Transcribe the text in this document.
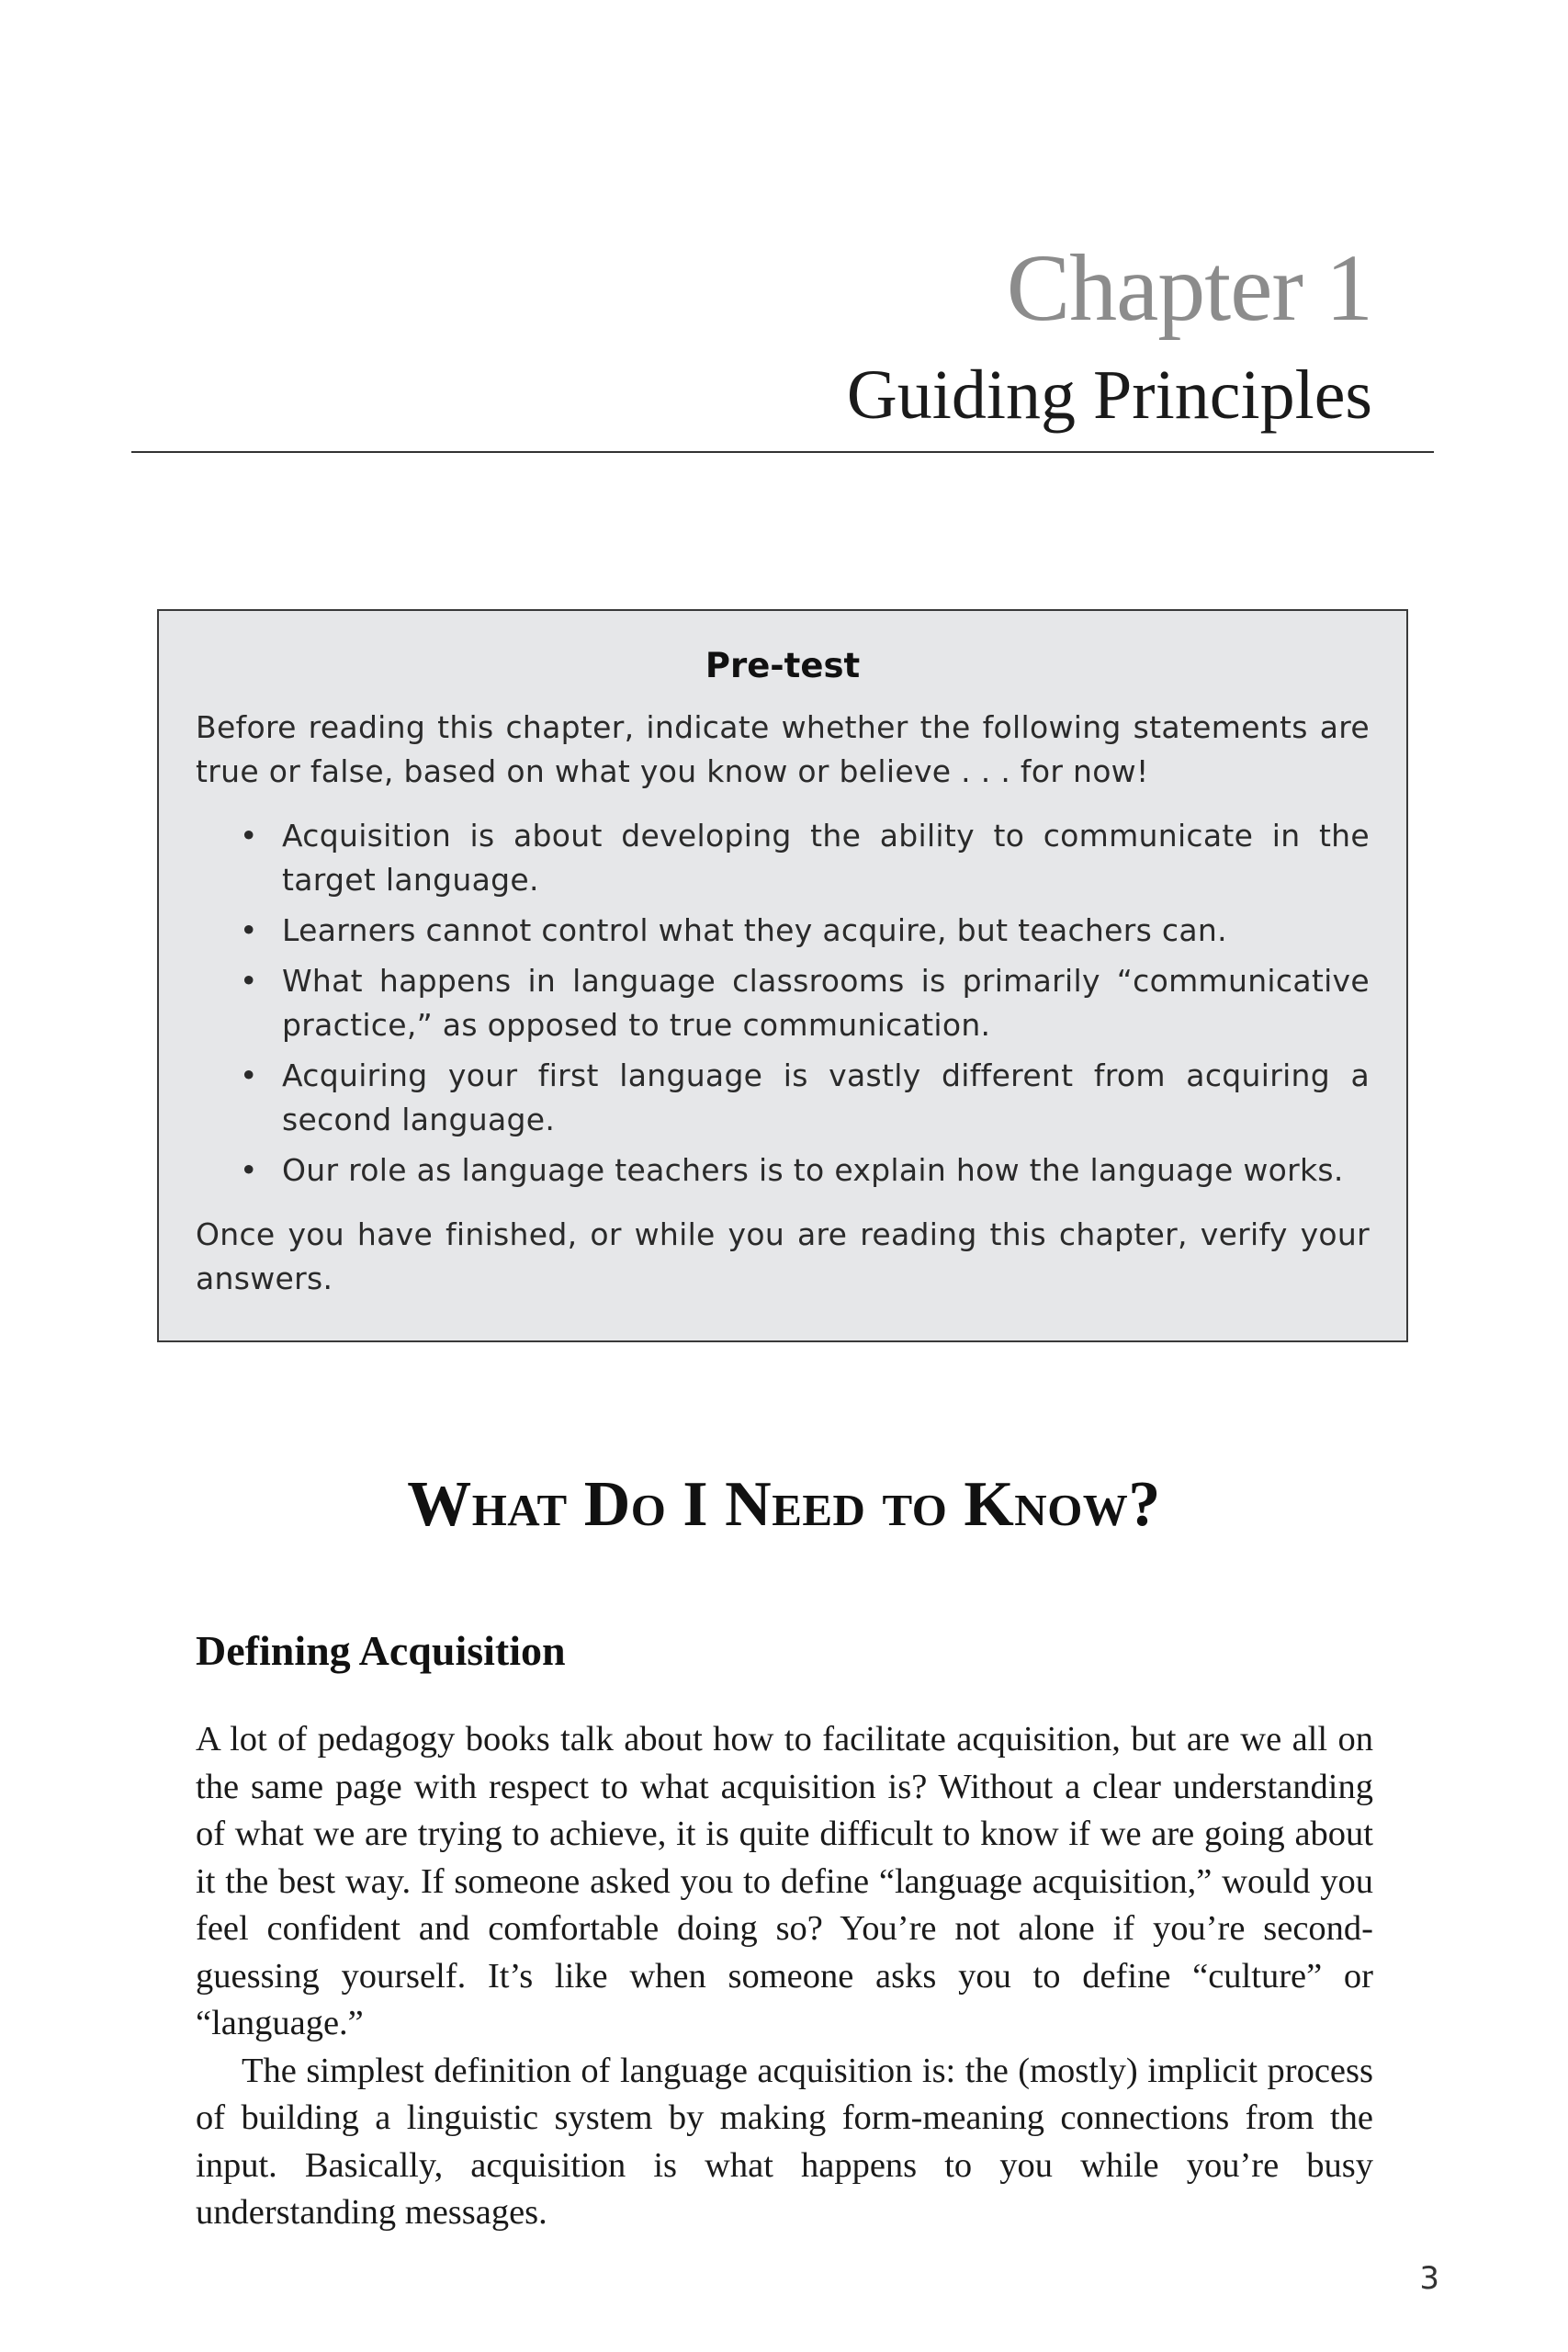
Chapter 1
Guiding Principles
Pre-test

Before reading this chapter, indicate whether the following statements are true or false, based on what you know or believe . . . for now!

• Acquisition is about developing the ability to communicate in the target language.
• Learners cannot control what they acquire, but teachers can.
• What happens in language classrooms is primarily “communicative practice,” as opposed to true communication.
• Acquiring your first language is vastly different from acquiring a second language.
• Our role as language teachers is to explain how the language works.

Once you have finished, or while you are reading this chapter, verify your answers.

What Do I Need to Know?
Defining Acquisition

A lot of pedagogy books talk about how to facilitate acquisition, but are we all on the same page with respect to what acquisition is? Without a clear understanding of what we are trying to achieve, it is quite difficult to know if we are going about it the best way. If someone asked you to define “language acquisition,” would you feel confident and comfortable doing so? You’re not alone if you’re second-guessing yourself. It’s like when someone asks you to define “culture” or “language.”

The simplest definition of language acquisition is: the (mostly) implicit process of building a linguistic system by making form-meaning connections from the input. Basically, acquisition is what happens to you while you’re busy understanding messages.

3
